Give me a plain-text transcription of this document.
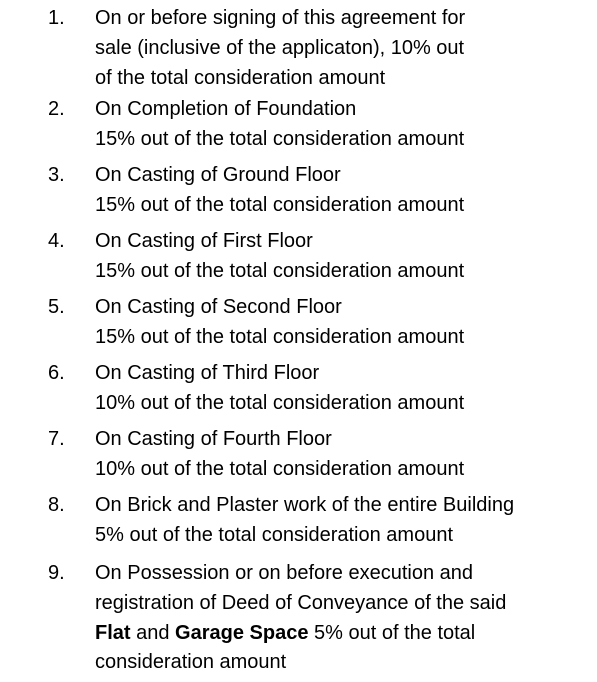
1.	On or before signing of this agreement for
sale (inclusive of the applicaton), 10% out
of the total consideration amount
2.	On Completion of Foundation
15% out of the total consideration amount
3.	On Casting of Ground Floor
15% out of the total consideration amount
4.	On Casting of First Floor
15% out of the total consideration amount
5.	On Casting of Second Floor
15% out of the total consideration amount
6.	On Casting of Third Floor
10% out of the total consideration amount
7.	On Casting of Fourth Floor
10% out of the total consideration amount
8.	On Brick and Plaster work of the entire Building
5% out of the total consideration amount
9.	On Possession or on before execution and
registration of Deed of Conveyance of the said
Flat and Garage Space 5% out of the total
consideration amount
